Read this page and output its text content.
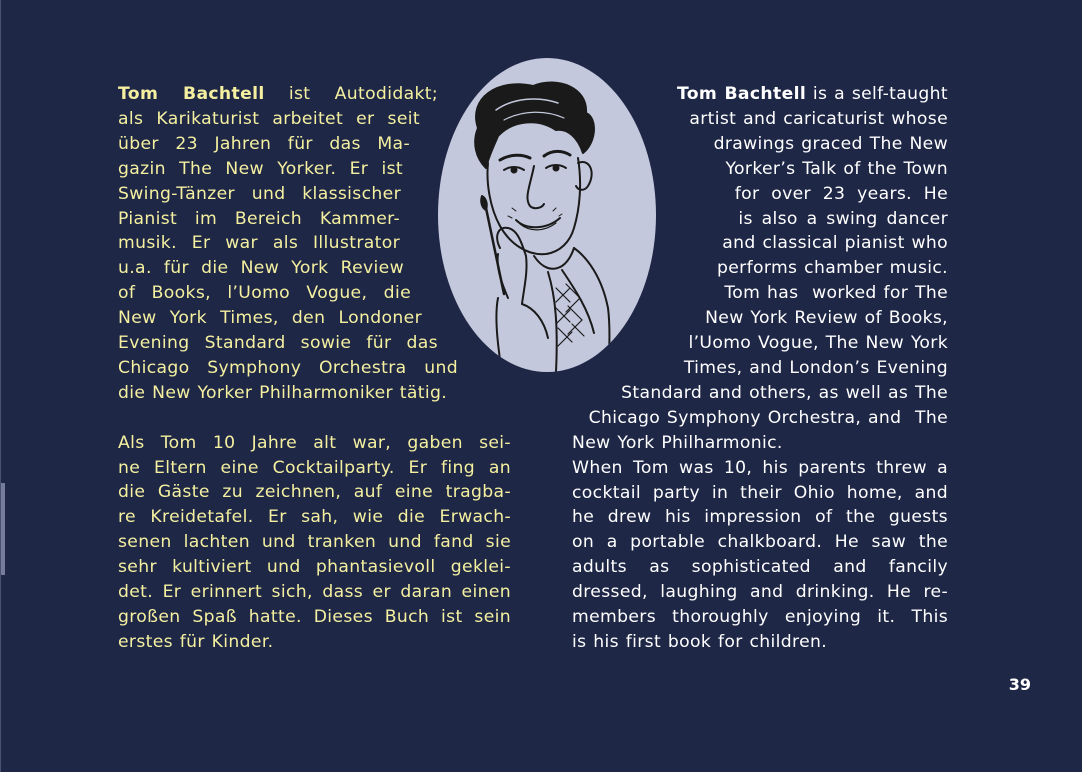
Tom Bachtell ist Autodidakt;
als Karikaturist arbeitet er seit
über 23 Jahren für das Ma-
gazin The New Yorker. Er ist
Swing-Tänzer und klassischer
Pianist im Bereich Kammer-
musik. Er war als Illustrator
u.a. für die New York Review
of Books, l’Uomo Vogue, die
New York Times, den Londoner
Evening Standard sowie für das
Chicago Symphony Orchestra und
die New Yorker Philharmoniker tätig.
Als Tom 10 Jahre alt war, gaben sei-
ne Eltern eine Cocktailparty. Er fing an
die Gäste zu zeichnen, auf eine tragba-
re Kreidetafel. Er sah, wie die Erwach-
senen lachten und tranken und fand sie
sehr kultiviert und phantasievoll geklei-
det. Er erinnert sich, dass er daran einen
großen Spaß hatte. Dieses Buch ist sein
erstes für Kinder.
Tom Bachtell is a self-taught
artist and caricaturist whose
drawings graced The New
Yorker’s Talk of the Town
for over 23 years. He
is also a swing dancer
and classical pianist who
performs chamber music.
Tom has  worked for The
New York Review of Books,
l’Uomo Vogue, The New York
Times, and London’s Evening
Standard and others, as well as The
Chicago Symphony Orchestra, and  The
New York Philharmonic.
When Tom was 10, his parents threw a
cocktail party in their Ohio home, and
he drew his impression of the guests
on a portable chalkboard. He saw the
adults as sophisticated and fancily
dressed, laughing and drinking. He re-
members thoroughly enjoying it. This
is his first book for children.
39
